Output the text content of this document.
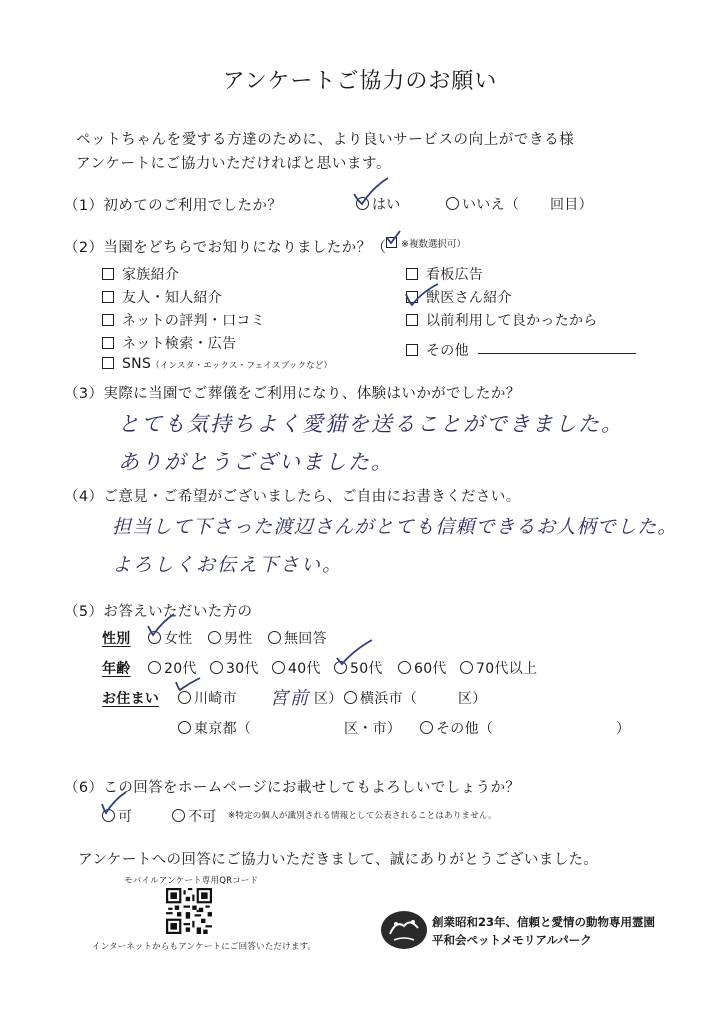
アンケートご協力のお願い
ペットちゃんを愛する方達のために、より良いサービスの向上ができる様
アンケートにご協力いただければと思います。
（1）初めてのご利用でしたか？	はい	いいえ（ 回目）
（2）当園をどちらでお知りになりましたか？（	※複数選択可）
家族紹介
友人・知人紹介
ネットの評判・口コミ
ネット検索・広告
SNS（インスタ・エックス・フェイスブックなど）
看板広告
獣医さん紹介
以前利用して良かったから
その他
（3）実際に当園でご葬儀をご利用になり、体験はいかがでしたか？
とても気持ちよく愛猫を送ることができました。
ありがとうございました。
（4）ご意見・ご希望がございましたら、ご自由にお書きください。
担当して下さった渡辺さんがとても信頼できるお人柄でした。
よろしくお伝え下さい。
（5）お答えいただいた方の
性別	女性	男性	無回答
年齢	20代	30代	40代	50代	60代	70代以上
お住まい	川崎市 宮前 区）	横浜市（	区）
東京都（	区・市）	その他（	）
（6）この回答をホームページにお載せしてもよろしいでしょうか？
可	不可 ※特定の個人が識別される情報として公表されることはありません。
アンケートへの回答にご協力いただきまして、誠にありがとうございました。
モバイルアンケート専用QRコード
インターネットからもアンケートにご回答いただけます。
創業昭和23年、信頼と愛情の動物専用霊園
平和会ペットメモリアルパーク
